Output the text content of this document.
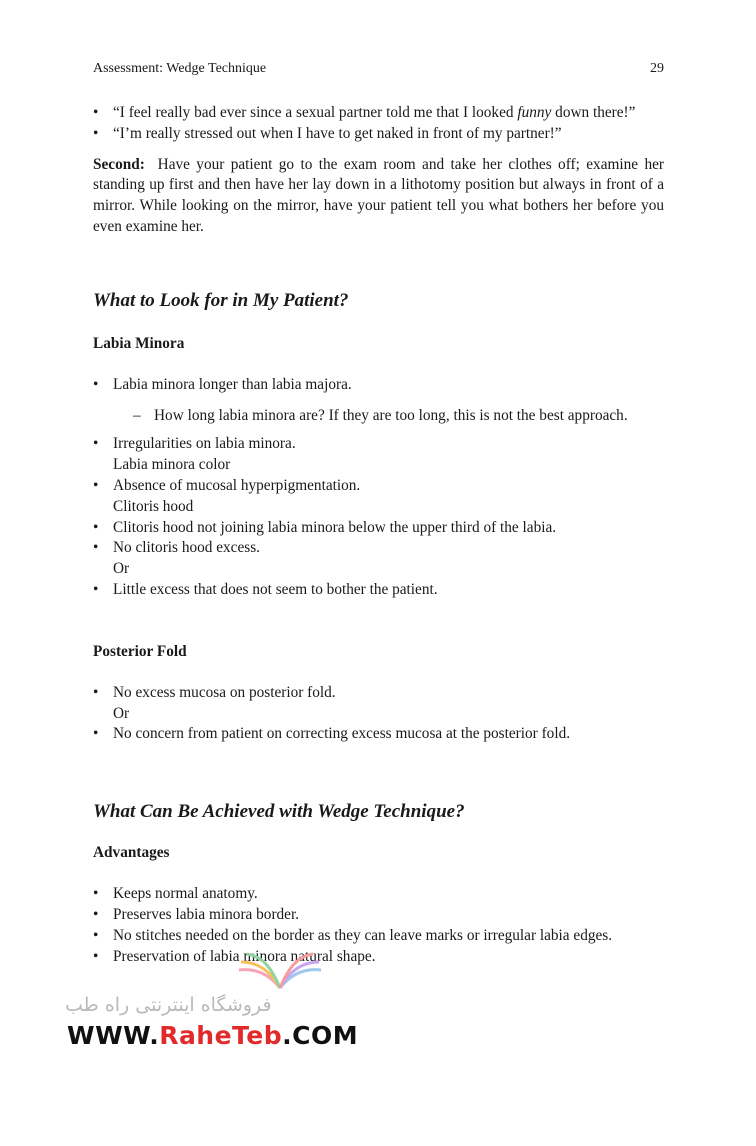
Assessment: Wedge Technique	29
• “I feel really bad ever since a sexual partner told me that I looked funny down there!”
• “I’m really stressed out when I have to get naked in front of my partner!”

Second: Have your patient go to the exam room and take her clothes off; examine her standing up first and then have her lay down in a lithotomy position but always in front of a mirror. While looking on the mirror, have your patient tell you what bothers her before you even examine her.

What to Look for in My Patient?
Labia Minora
• Labia minora longer than labia majora.
– How long labia minora are? If they are too long, this is not the best approach.
• Irregularities on labia minora.
Labia minora color
• Absence of mucosal hyperpigmentation.
Clitoris hood
• Clitoris hood not joining labia minora below the upper third of the labia.
• No clitoris hood excess.
Or
• Little excess that does not seem to bother the patient.
Posterior Fold
• No excess mucosa on posterior fold.
Or
• No concern from patient on correcting excess mucosa at the posterior fold.
What Can Be Achieved with Wedge Technique?
Advantages
• Keeps normal anatomy.
• Preserves labia minora border.
• No stitches needed on the border as they can leave marks or irregular labia edges.
• Preservation of labia minora natural shape.
فروشگاه اینترنتی راه طب
WWW.RaheTeb.COM
